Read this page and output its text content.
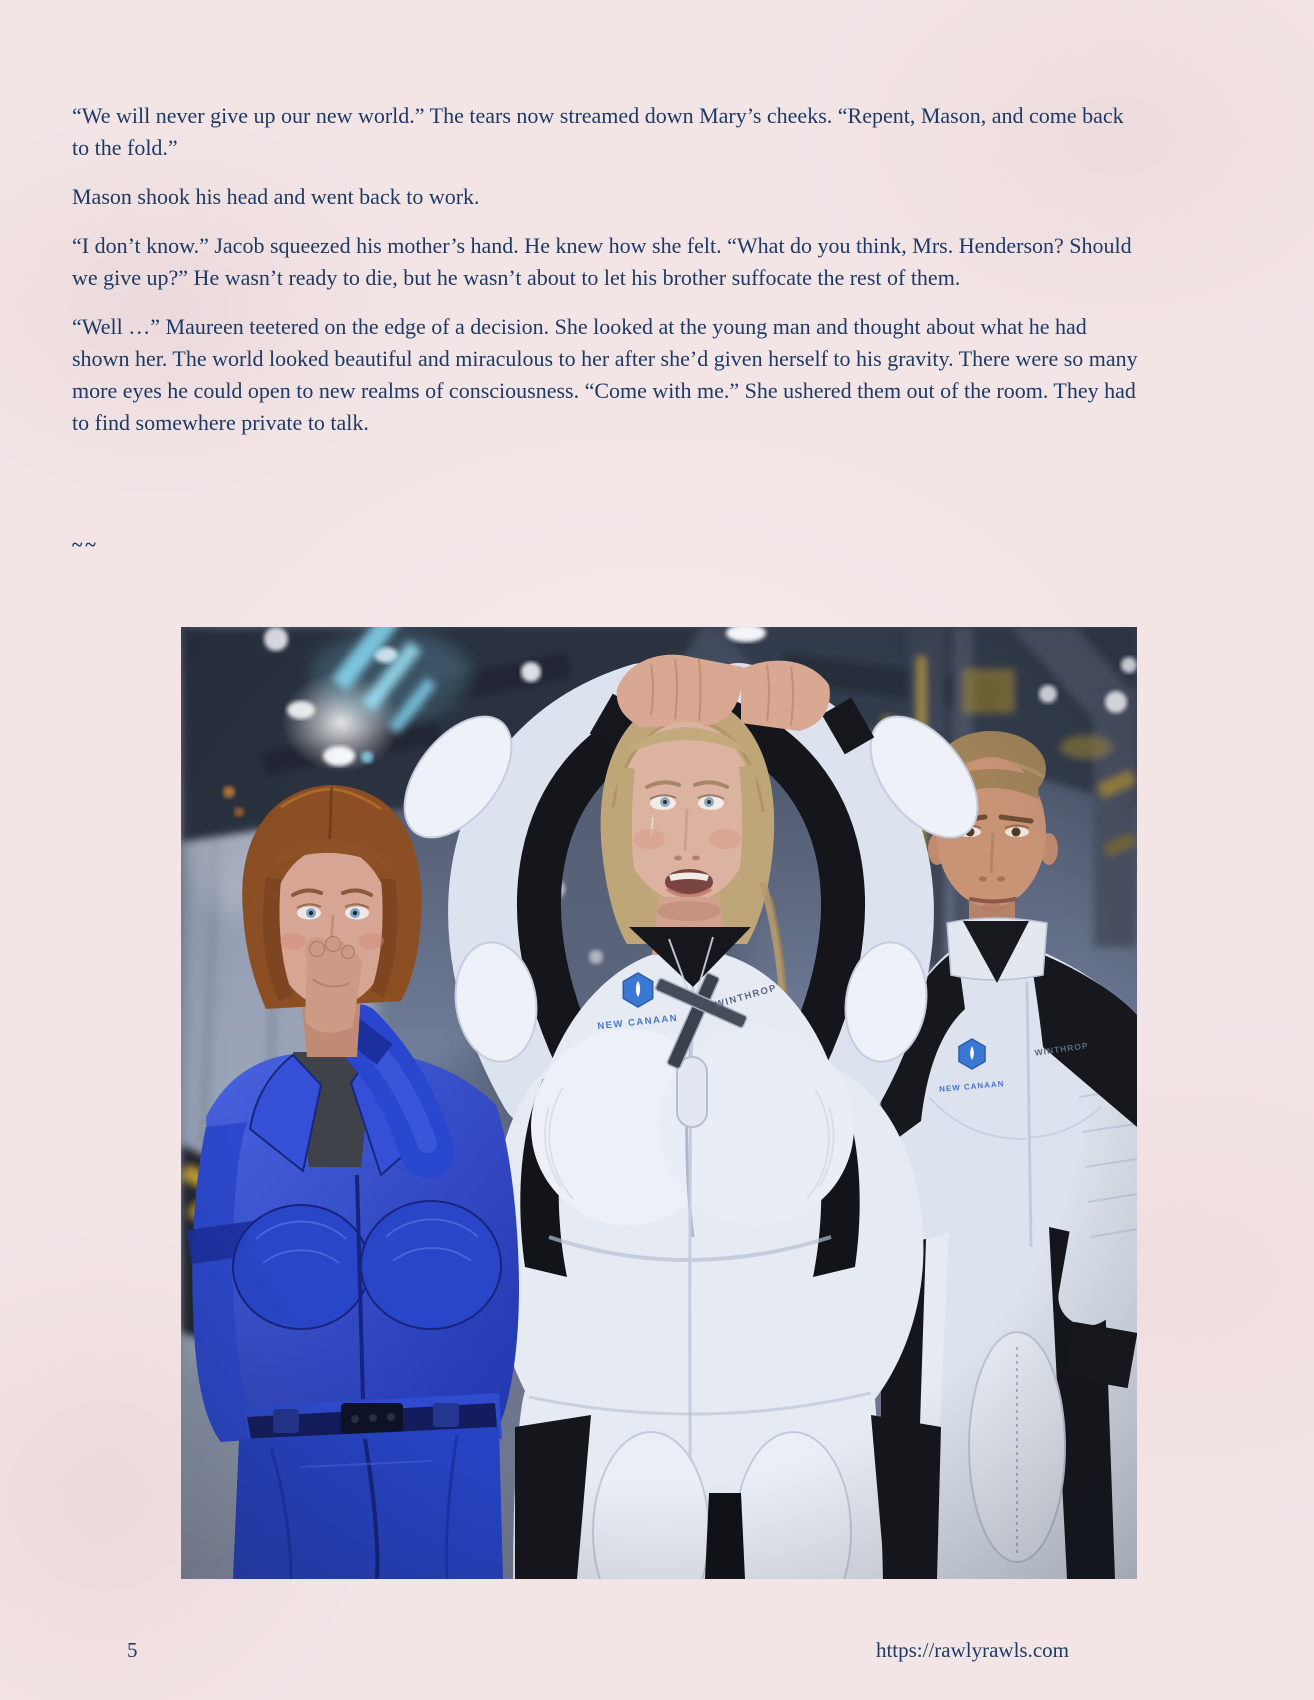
“We will never give up our new world.” The tears now streamed down Mary’s cheeks. “Repent, Mason, and come back to the fold.”

Mason shook his head and went back to work.

“I don’t know.” Jacob squeezed his mother’s hand. He knew how she felt. “What do you think, Mrs. Henderson? Should we give up?” He wasn’t ready to die, but he wasn’t about to let his brother suffocate the rest of them.

“Well …” Maureen teetered on the edge of a decision. She looked at the young man and thought about what he had shown her. The world looked beautiful and miraculous to her after she’d given herself to his gravity. There were so many more eyes he could open to new realms of consciousness. “Come with me.” She ushered them out of the room. They had to find somewhere private to talk.

~~

5	https://rawlyrawls.com
